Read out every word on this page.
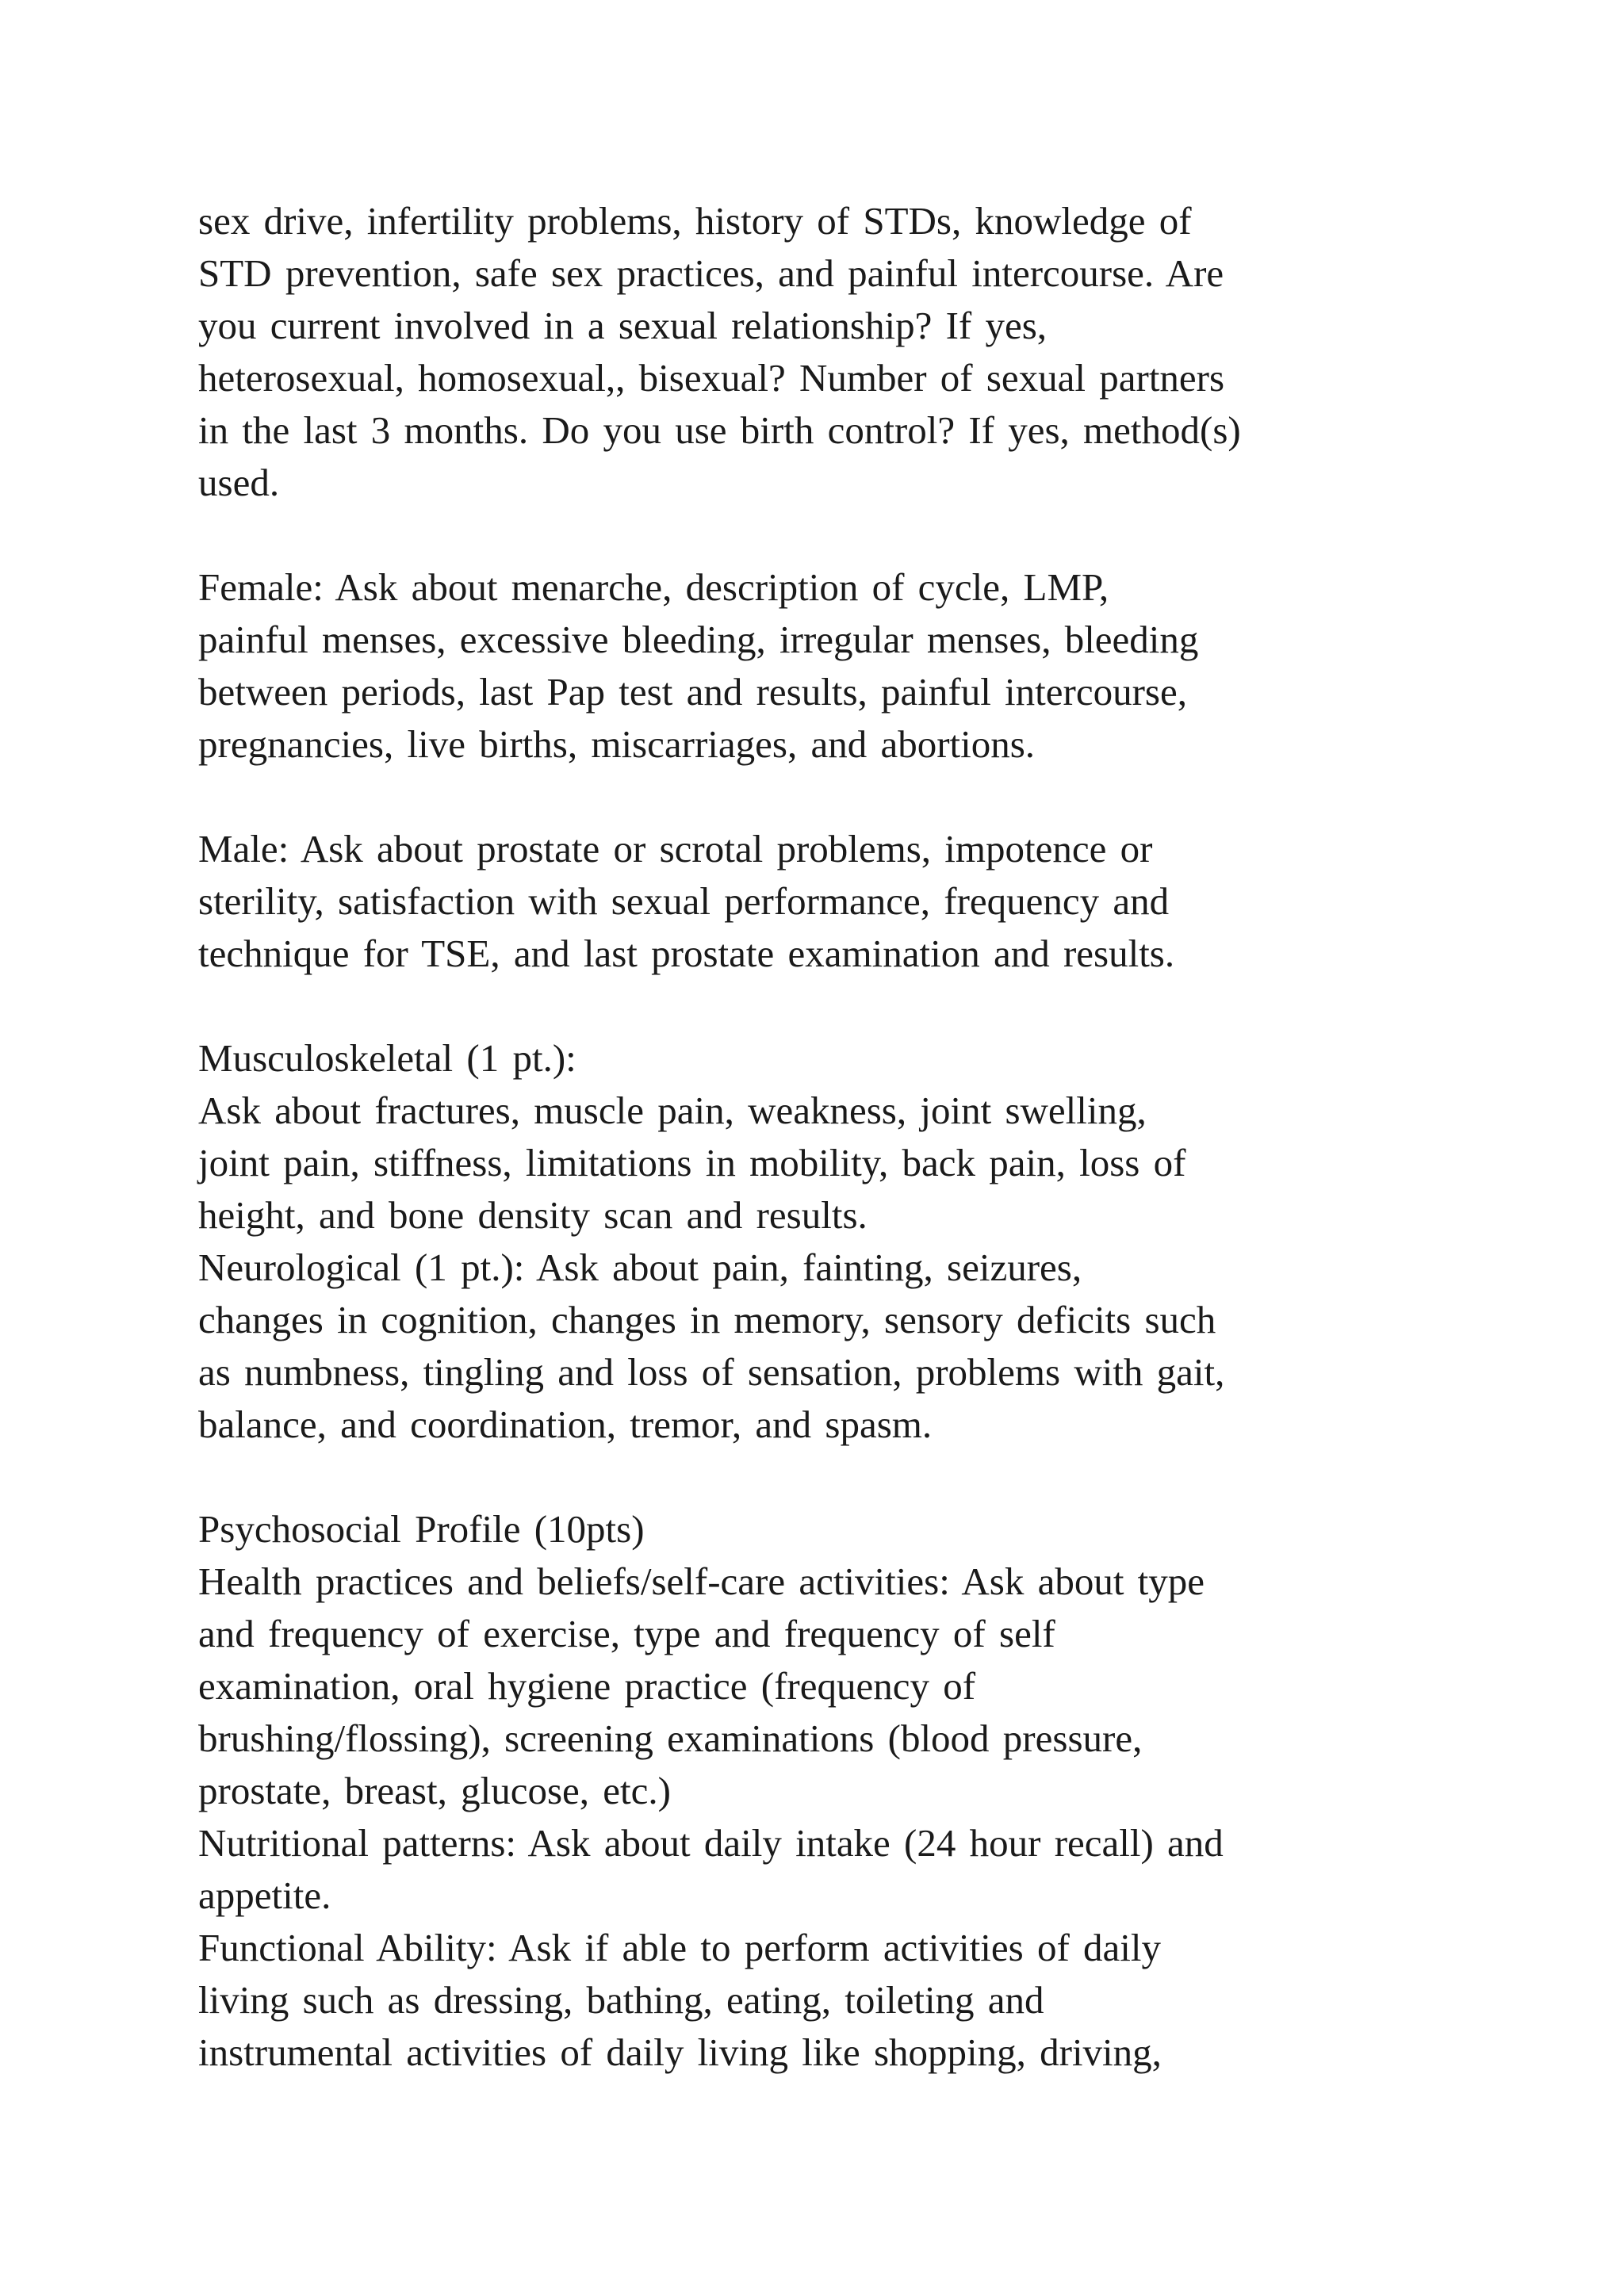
sex drive, infertility problems, history of STDs, knowledge of
STD prevention, safe sex practices, and painful intercourse. Are
you current involved in a sexual relationship? If yes,
heterosexual, homosexual,, bisexual? Number of sexual partners
in the last 3 months. Do you use birth control? If yes, method(s)
used.
Female: Ask about menarche, description of cycle, LMP,
painful menses, excessive bleeding, irregular menses, bleeding
between periods, last Pap test and results, painful intercourse,
pregnancies, live births, miscarriages, and abortions.
Male: Ask about prostate or scrotal problems, impotence or
sterility, satisfaction with sexual performance, frequency and
technique for TSE, and last prostate examination and results.
Musculoskeletal (1 pt.):
Ask about fractures, muscle pain, weakness, joint swelling,
joint pain, stiffness, limitations in mobility, back pain, loss of
height, and bone density scan and results.
Neurological (1 pt.): Ask about pain, fainting, seizures,
changes in cognition, changes in memory, sensory deficits such
as numbness, tingling and loss of sensation, problems with gait,
balance, and coordination, tremor, and spasm.
Psychosocial Profile (10pts)
Health practices and beliefs/self-care activities: Ask about type
and frequency of exercise, type and frequency of self
examination, oral hygiene practice (frequency of
brushing/flossing), screening examinations (blood pressure,
prostate, breast, glucose, etc.)
Nutritional patterns: Ask about daily intake (24 hour recall) and
appetite.
Functional Ability: Ask if able to perform activities of daily
living such as dressing, bathing, eating, toileting and
instrumental activities of daily living like shopping, driving,
